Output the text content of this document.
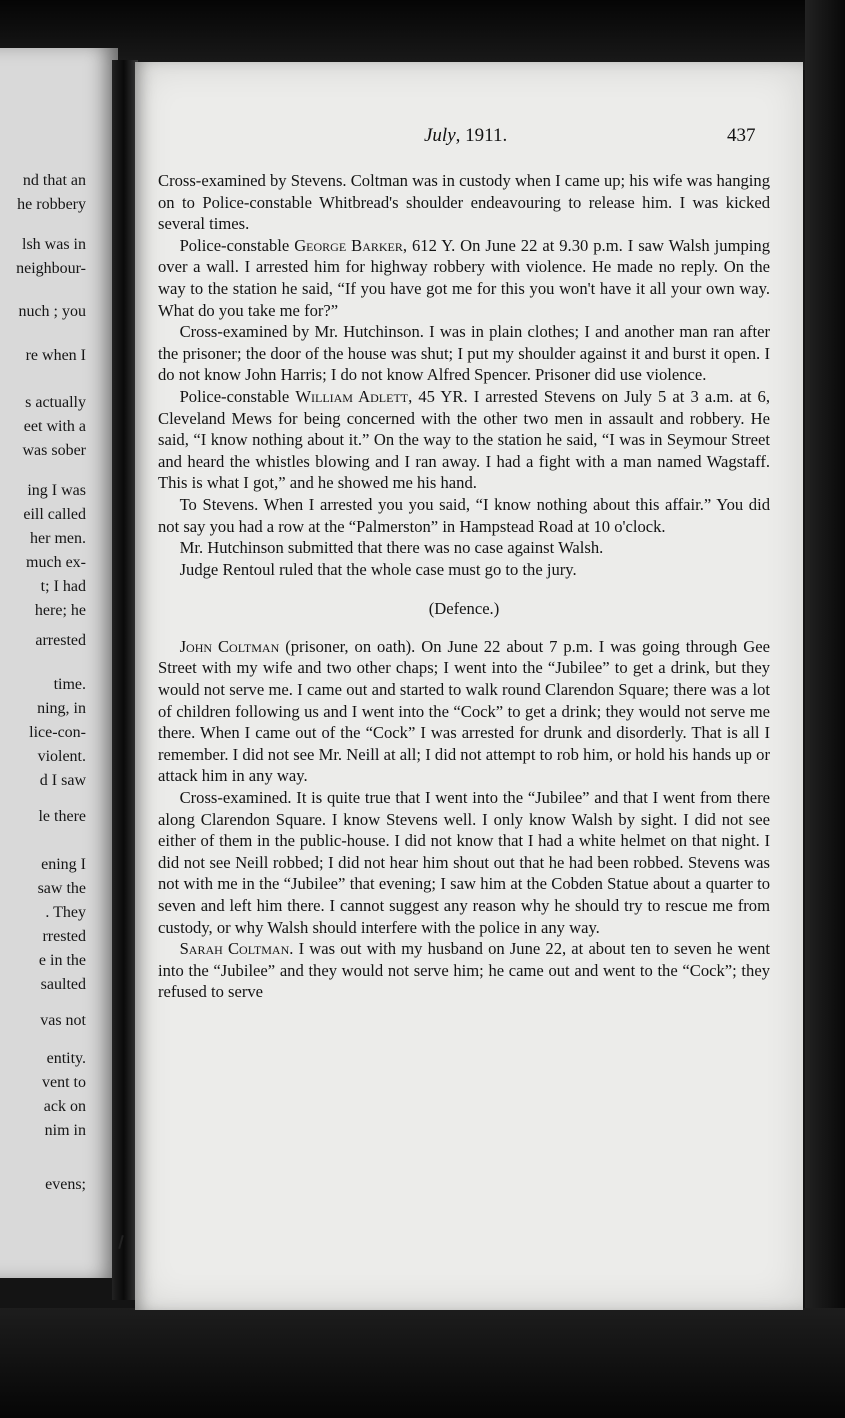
nd that an
he robbery
lsh was in
neighbour-
nuch ; you
re when I
s actually
eet with a
was sober
ing I was
eill called
her men.
much ex-
t; I had
here; he
arrested
time.
ning, in
lice-con-
violent.
d I saw
le there
ening I
saw the
. They
rrested
e in the
saulted
vas not
entity.
vent to
ack on
nim in
evens;
July, 1911.	437

Cross-examined by Stevens. Coltman was in custody when I came up; his wife was hanging on to Police-constable Whitbread's shoulder endeavouring to release him. I was kicked several times.

Police-constable George Barker, 612 Y. On June 22 at 9.30 p.m. I saw Walsh jumping over a wall. I arrested him for highway robbery with violence. He made no reply. On the way to the station he said, “If you have got me for this you won't have it all your own way. What do you take me for?”

Cross-examined by Mr. Hutchinson. I was in plain clothes; I and another man ran after the prisoner; the door of the house was shut; I put my shoulder against it and burst it open. I do not know John Harris; I do not know Alfred Spencer. Prisoner did use violence.

Police-constable William Adlett, 45 YR. I arrested Stevens on July 5 at 3 a.m. at 6, Cleveland Mews for being concerned with the other two men in assault and robbery. He said, “I know nothing about it.” On the way to the station he said, “I was in Seymour Street and heard the whistles blowing and I ran away. I had a fight with a man named Wagstaff. This is what I got,” and he showed me his hand.

To Stevens. When I arrested you you said, “I know nothing about this affair.” You did not say you had a row at the “Palmerston” in Hampstead Road at 10 o'clock.

Mr. Hutchinson submitted that there was no case against Walsh.

Judge Rentoul ruled that the whole case must go to the jury.

(Defence.)

John Coltman (prisoner, on oath). On June 22 about 7 p.m. I was going through Gee Street with my wife and two other chaps; I went into the “Jubilee” to get a drink, but they would not serve me. I came out and started to walk round Clarendon Square; there was a lot of children following us and I went into the “Cock” to get a drink; they would not serve me there. When I came out of the “Cock” I was arrested for drunk and disorderly. That is all I remember. I did not see Mr. Neill at all; I did not attempt to rob him, or hold his hands up or attack him in any way.

Cross-examined. It is quite true that I went into the “Jubilee” and that I went from there along Clarendon Square. I know Stevens well. I only know Walsh by sight. I did not see either of them in the public-house. I did not know that I had a white helmet on that night. I did not see Neill robbed; I did not hear him shout out that he had been robbed. Stevens was not with me in the “Jubilee” that evening; I saw him at the Cobden Statue about a quarter to seven and left him there. I cannot suggest any reason why he should try to rescue me from custody, or why Walsh should interfere with the police in any way.

Sarah Coltman. I was out with my husband on June 22, at about ten to seven he went into the “Jubilee” and they would not serve him; he came out and went to the “Cock”; they refused to serve
